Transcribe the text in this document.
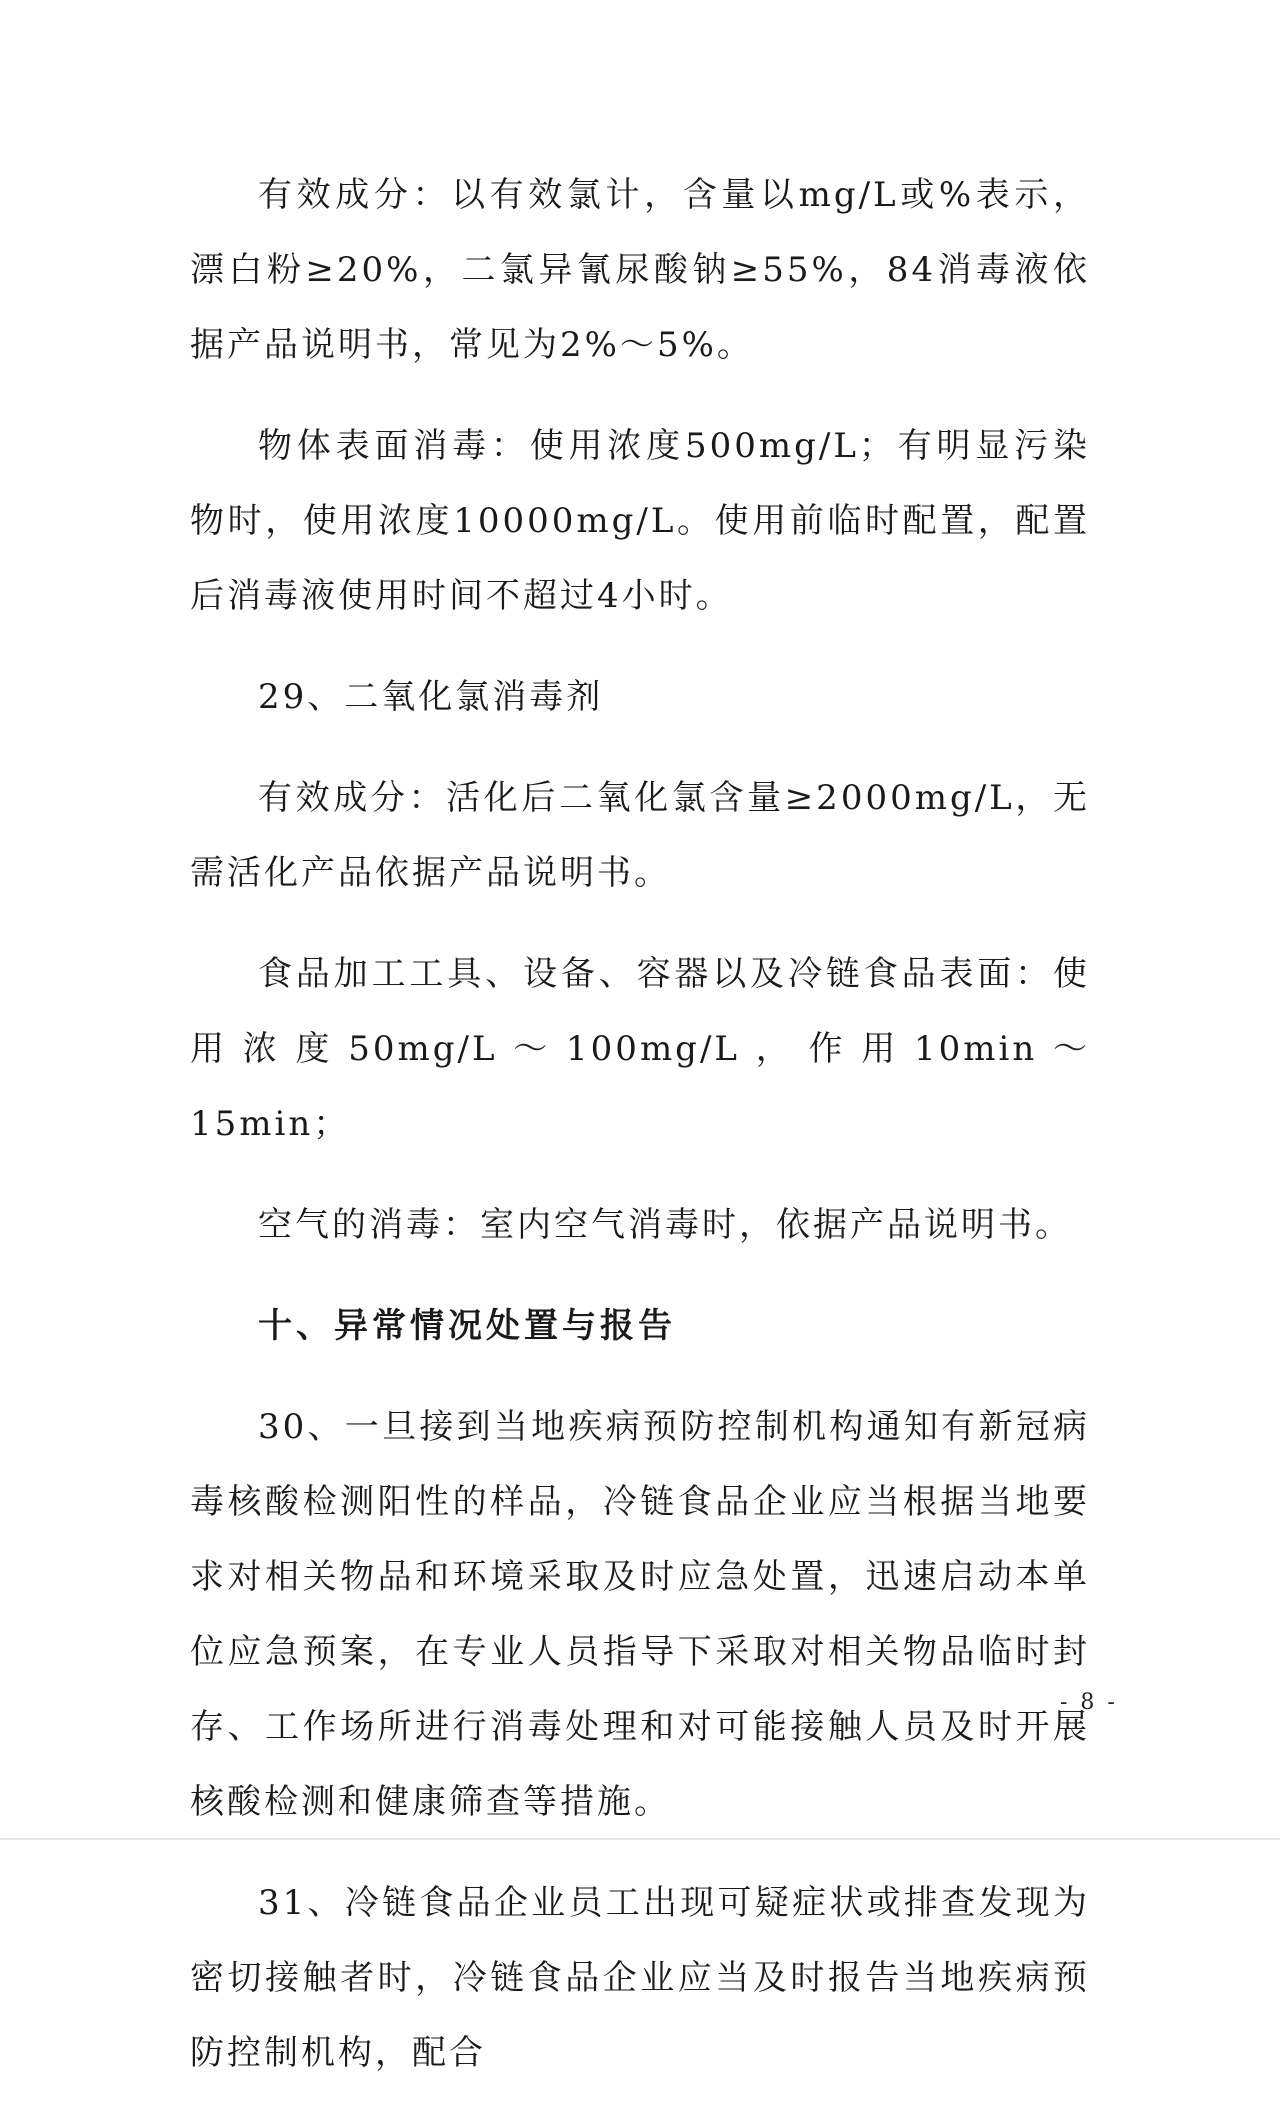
有效成分：以有效氯计，含量以mg/L或%表示，漂白粉≥20%，二氯异氰尿酸钠≥55%，84消毒液依据产品说明书，常见为2%～5%。

物体表面消毒：使用浓度500mg/L；有明显污染物时，使用浓度10000mg/L。使用前临时配置，配置后消毒液使用时间不超过4小时。

29、二氧化氯消毒剂

有效成分：活化后二氧化氯含量≥2000mg/L，无需活化产品依据产品说明书。

食品加工工具、设备、容器以及冷链食品表面：使用浓度50mg/L～100mg/L，作用10min～15min；

空气的消毒：室内空气消毒时，依据产品说明书。

十、异常情况处置与报告

30、一旦接到当地疾病预防控制机构通知有新冠病毒核酸检测阳性的样品，冷链食品企业应当根据当地要求对相关物品和环境采取及时应急处置，迅速启动本单位应急预案，在专业人员指导下采取对相关物品临时封存、工作场所进行消毒处理和对可能接触人员及时开展核酸检测和健康筛查等措施。

31、冷链食品企业员工出现可疑症状或排查发现为密切接触者时，冷链食品企业应当及时报告当地疾病预防控制机构，配合

- 8 -
